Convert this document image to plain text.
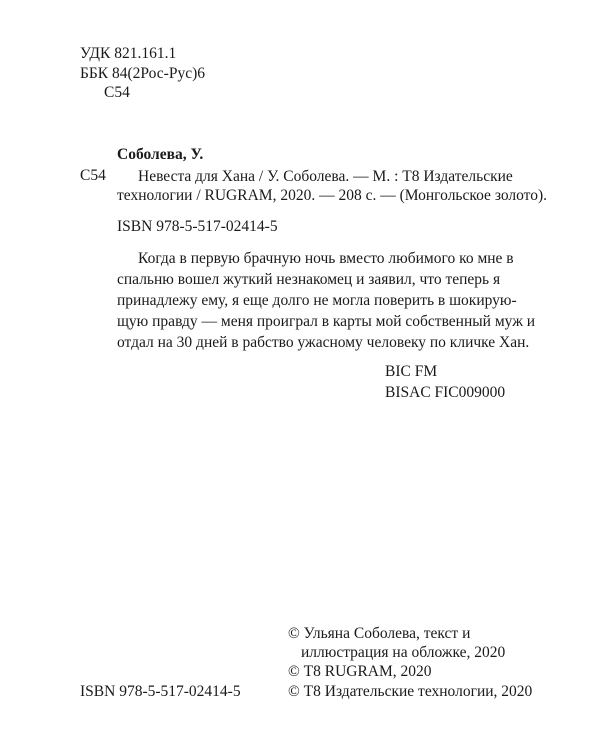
УДК 821.161.1
ББК 84(2Рос-Рус)6
С54
Соболева, У.
С54 Невеста для Хана / У. Соболева. — М. : Т8 Издательские
технологии / RUGRAM, 2020. — 208 с. — (Монгольское золото).
ISBN 978-5-517-02414-5
Когда в первую брачную ночь вместо любимого ко мне в
спальню вошел жуткий незнакомец и заявил, что теперь я
принадлежу ему, я еще долго не могла поверить в шокирую-
щую правду — меня проиграл в карты мой собственный муж и
отдал на 30 дней в рабство ужасному человеку по кличке Хан.
BIC FM
BISAC FIC009000
© Ульяна Соболева, текст и
иллюстрация на обложке, 2020
© Т8 RUGRAM, 2020
ISBN 978-5-517-02414-5	© Т8 Издательские технологии, 2020
